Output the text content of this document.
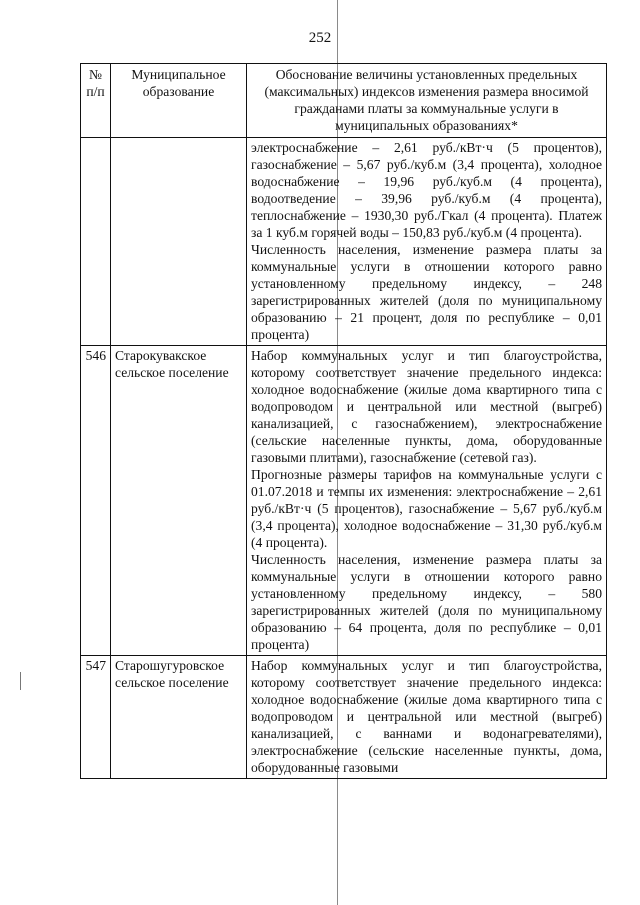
252
№ п/п	Муниципальное образование	Обоснование величины установленных предельных (максимальных) индексов изменения размера вносимой гражданами платы за коммунальные услуги в муниципальных образованиях*

		электроснабжение – 2,61 руб./кВт·ч (5 процентов), газоснабжение – 5,67 руб./куб.м (3,4 процента), холодное водоснабжение – 19,96 руб./куб.м (4 процента), водоотведение – 39,96 руб./куб.м (4 процента), теплоснабжение – 1930,30 руб./Гкал (4 процента). Платеж за 1 куб.м горячей воды – 150,83 руб./куб.м (4 процента).

Численность населения, изменение размера платы за коммунальные услуги в отношении которого равно установленному предельному индексу, – 248 зарегистрированных жителей (доля по муниципальному образованию – 21 процент, доля по республике – 0,01 процента)

546	Старокувакское сельское поселение	Набор коммунальных услуг и тип благоустройства, которому соответствует значение предельного индекса: холодное водоснабжение (жилые дома квартирного типа с водопроводом и центральной или местной (выгреб) канализацией, с газоснабжением), электроснабжение (сельские населенные пункты, дома, оборудованные газовыми плитами), газоснабжение (сетевой газ).

Прогнозные размеры тарифов на коммунальные услуги с 01.07.2018 и темпы их изменения: электроснабжение – 2,61 руб./кВт·ч (5 процентов), газоснабжение – 5,67 руб./куб.м (3,4 процента), холодное водоснабжение – 31,30 руб./куб.м (4 процента).

Численность населения, изменение размера платы за коммунальные услуги в отношении которого равно установленному предельному индексу, – 580 зарегистрированных жителей (доля по муниципальному образованию – 64 процента, доля по республике – 0,01 процента)

547	Старошугуровское сельское поселение	Набор коммунальных услуг и тип благоустройства, которому соответствует значение предельного индекса: холодное водоснабжение (жилые дома квартирного типа с водопроводом и центральной или местной (выгреб) канализацией, с ваннами и водонагревателями), электроснабжение (сельские населенные пункты, дома, оборудованные газовыми
